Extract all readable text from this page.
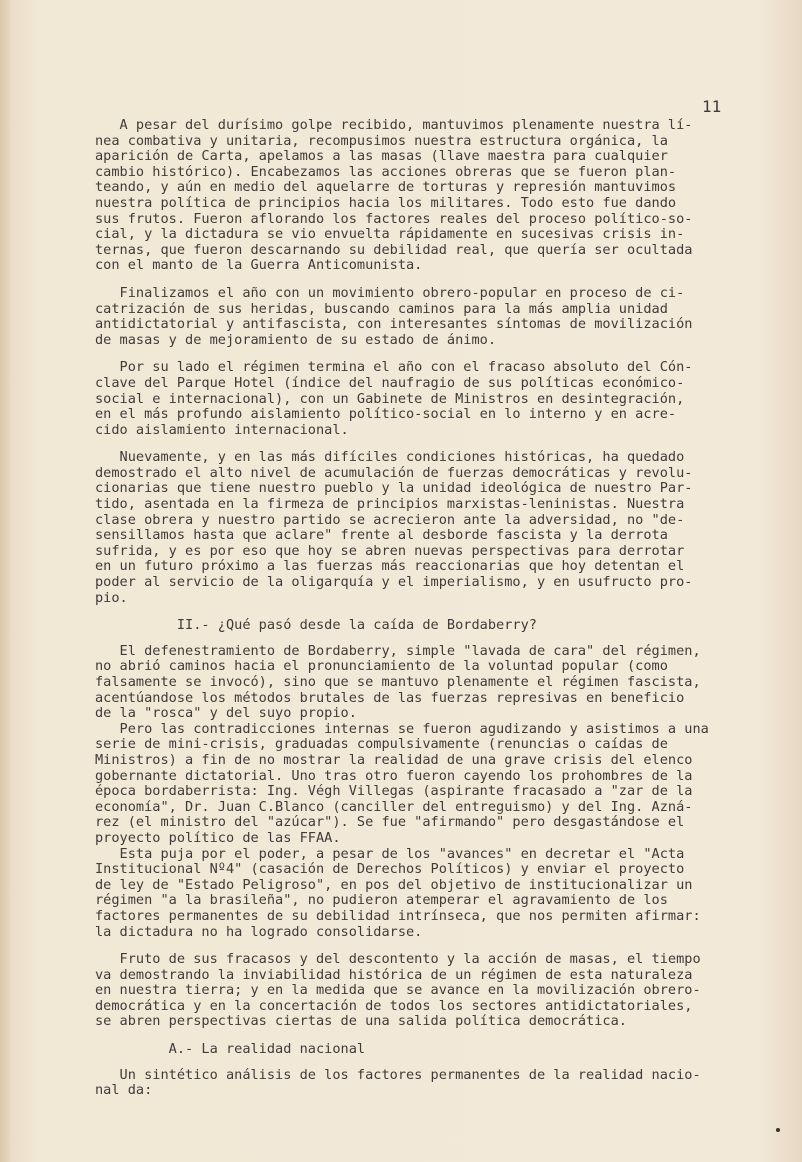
11
A pesar del durísimo golpe recibido, mantuvimos plenamente nuestra lí-
nea combativa y unitaria, recompusimos nuestra estructura orgánica, la
aparición de Carta, apelamos a las masas (llave maestra para cualquier
cambio histórico). Encabezamos las acciones obreras que se fueron plan-
teando, y aún en medio del aquelarre de torturas y represión mantuvimos
nuestra política de principios hacia los militares. Todo esto fue dando
sus frutos. Fueron aflorando los factores reales del proceso político-so-
cial, y la dictadura se vio envuelta rápidamente en sucesivas crisis in-
ternas, que fueron descarnando su debilidad real, que quería ser ocultada
con el manto de la Guerra Anticomunista.
Finalizamos el año con un movimiento obrero-popular en proceso de ci-
catrización de sus heridas, buscando caminos para la más amplia unidad
antidictatorial y antifascista, con interesantes síntomas de movilización
de masas y de mejoramiento de su estado de ánimo.
Por su lado el régimen termina el año con el fracaso absoluto del Cón-
clave del Parque Hotel (índice del naufragio de sus políticas económico-
social e internacional), con un Gabinete de Ministros en desintegración,
en el más profundo aislamiento político-social en lo interno y en acre-
cido aislamiento internacional.
Nuevamente, y en las más difíciles condiciones históricas, ha quedado
demostrado el alto nivel de acumulación de fuerzas democráticas y revolu-
cionarias que tiene nuestro pueblo y la unidad ideológica de nuestro Par-
tido, asentada en la firmeza de principios marxistas-leninistas. Nuestra
clase obrera y nuestro partido se acrecieron ante la adversidad, no "de-
sensillamos hasta que aclare" frente al desborde fascista y la derrota
sufrida, y es por eso que hoy se abren nuevas perspectivas para derrotar
en un futuro próximo a las fuerzas más reaccionarias que hoy detentan el
poder al servicio de la oligarquía y el imperialismo, y en usufructo pro-
pio.
II.- ¿Qué pasó desde la caída de Bordaberry?
El defenestramiento de Bordaberry, simple "lavada de cara" del régimen,
no abrió caminos hacia el pronunciamiento de la voluntad popular (como
falsamente se invocó), sino que se mantuvo plenamente el régimen fascista,
acentúandose los métodos brutales de las fuerzas represivas en beneficio
de la "rosca" y del suyo propio.
Pero las contradicciones internas se fueron agudizando y asistimos a una
serie de mini-crisis, graduadas compulsivamente (renuncias o caídas de
Ministros) a fin de no mostrar la realidad de una grave crisis del elenco
gobernante dictatorial. Uno tras otro fueron cayendo los prohombres de la
época bordaberrista: Ing. Végh Villegas (aspirante fracasado a "zar de la
economía", Dr. Juan C.Blanco (canciller del entreguismo) y del Ing. Azná-
rez (el ministro del "azúcar"). Se fue "afirmando" pero desgastándose el
proyecto político de las FFAA.
Esta puja por el poder, a pesar de los "avances" en decretar el "Acta
Institucional Nº4" (casación de Derechos Políticos) y enviar el proyecto
de ley de "Estado Peligroso", en pos del objetivo de institucionalizar un
régimen "a la brasileña", no pudieron atemperar el agravamiento de los
factores permanentes de su debilidad intrínseca, que nos permiten afirmar:
la dictadura no ha logrado consolidarse.
Fruto de sus fracasos y del descontento y la acción de masas, el tiempo
va demostrando la inviabilidad histórica de un régimen de esta naturaleza
en nuestra tierra; y en la medida que se avance en la movilización obrero-
democrática y en la concertación de todos los sectores antidictatoriales,
se abren perspectivas ciertas de una salida política democrática.
A.- La realidad nacional
Un sintético análisis de los factores permanentes de la realidad nacio-
nal da:
